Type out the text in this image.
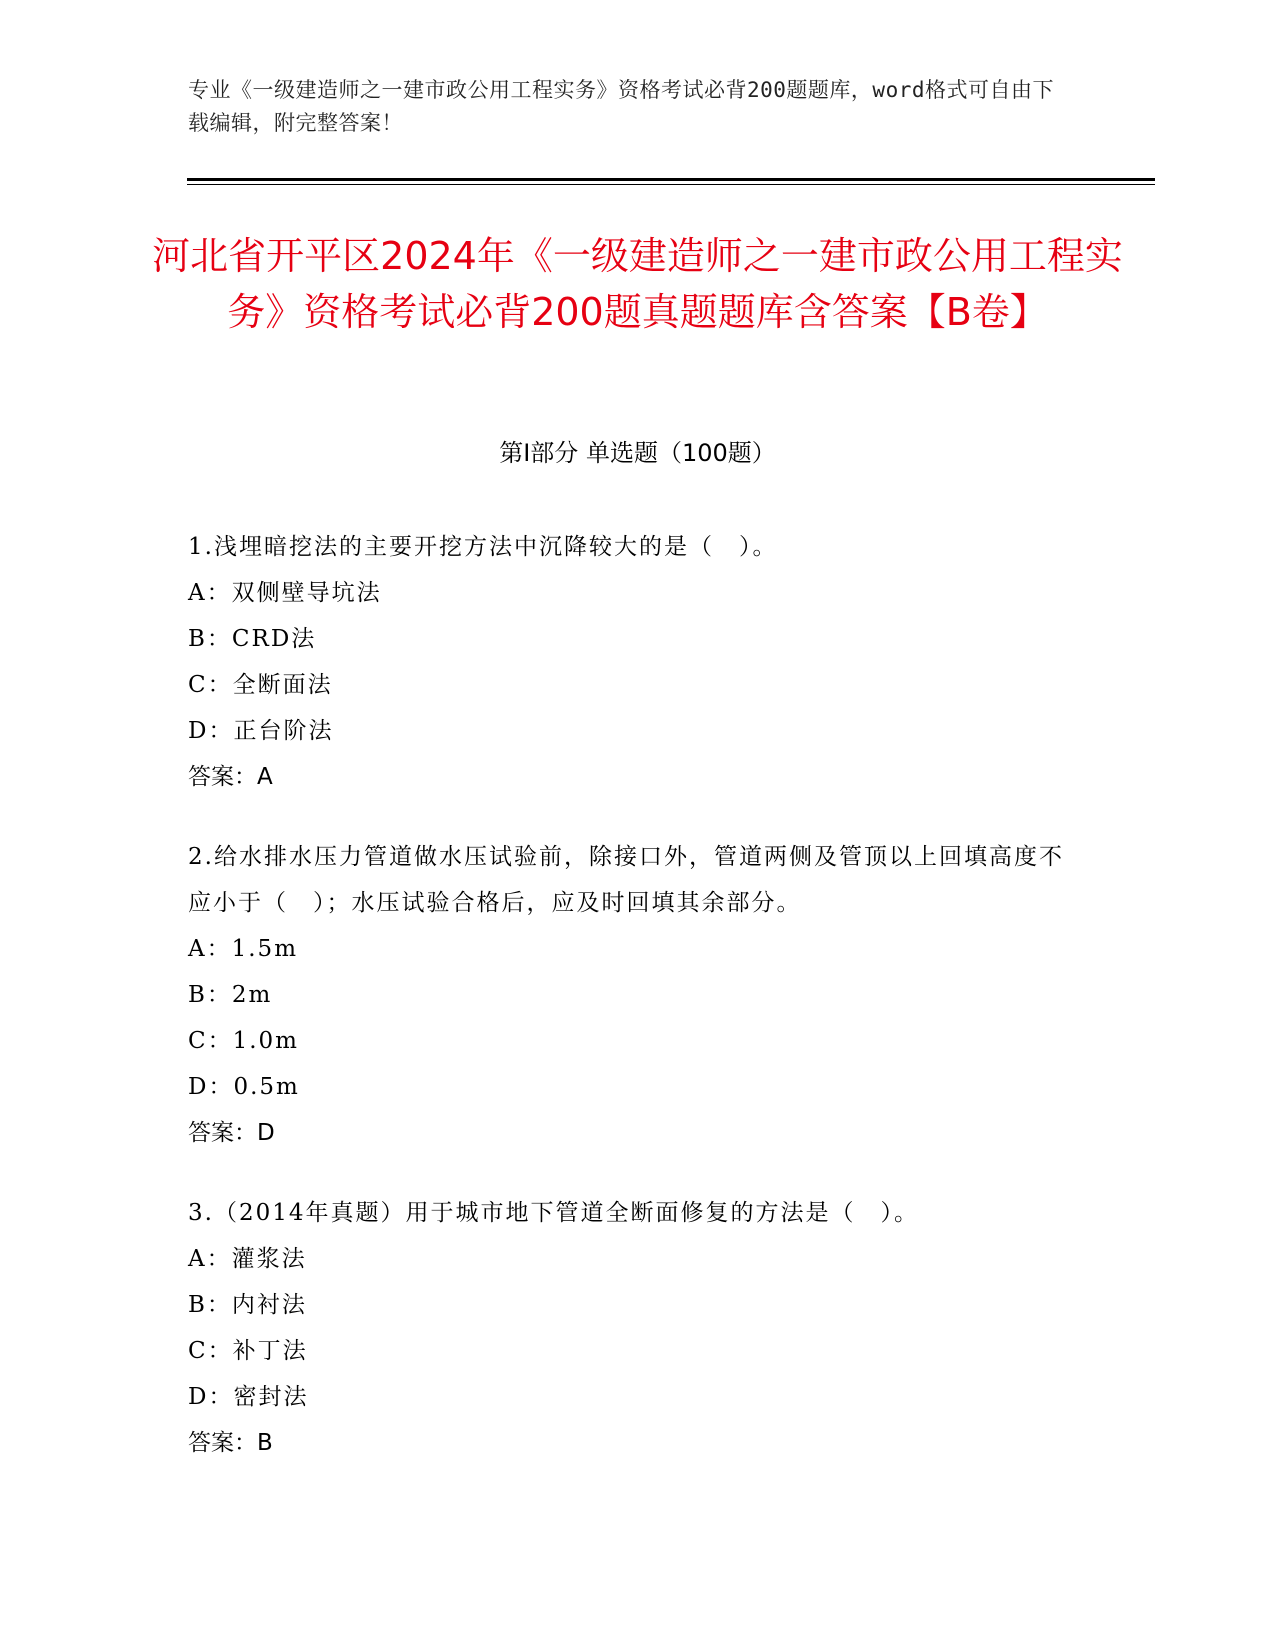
专业《一级建造师之一建市政公用工程实务》资格考试必背200题题库，word格式可自由下载编辑，附完整答案！
河北省开平区2024年《一级建造师之一建市政公用工程实务》资格考试必背200题真题题库含答案【B卷】
第Ⅰ部分 单选题（100题）

1.浅埋暗挖法的主要开挖方法中沉降较大的是（　）。

A：双侧壁导坑法

B：CRD法

C：全断面法

D：正台阶法

答案：A

2.给水排水压力管道做水压试验前，除接口外，管道两侧及管顶以上回填高度不应小于（　）；水压试验合格后，应及时回填其余部分。

A：1.5m

B：2m

C：1.0m

D：0.5m

答案：D

3.（2014年真题）用于城市地下管道全断面修复的方法是（　）。

A：灌浆法

B：内衬法

C：补丁法

D：密封法

答案：B
